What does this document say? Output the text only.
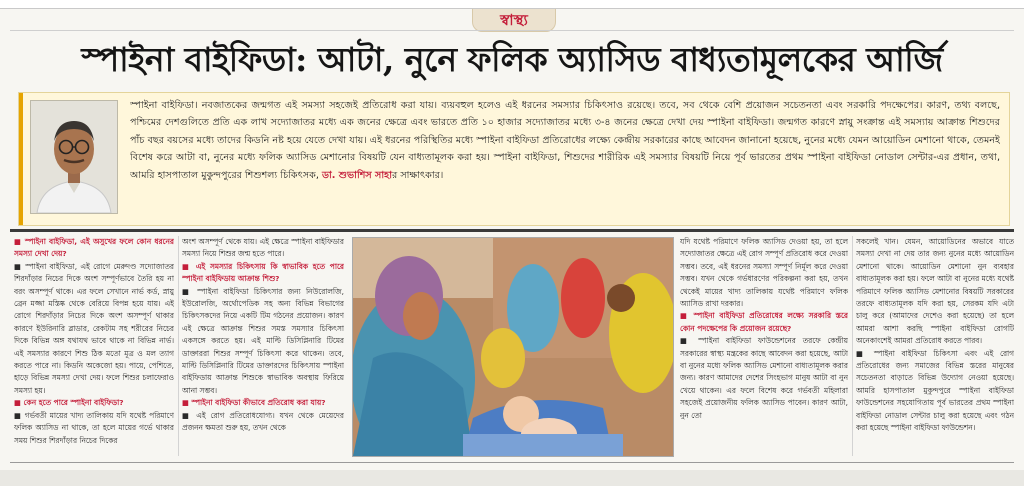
স্বাস্থ্য
স্পাইনা বাইফিডা: আটা, নুনে ফলিক অ্যাসিড বাধ্যতামূলকের আর্জি
স্পাইনা বাইফিডা। নবজাতকের জন্মগত এই সমস্যা সহজেই প্রতিরোধ করা যায়। ব্যয়বহুল হলেও এই ধরনের সমস্যার চিকিৎসাও রয়েছে। তবে, সব থেকে বেশি প্রয়োজন সচেতনতা এবং সরকারি পদক্ষেপের। কারণ, তথ্য বলছে, পশ্চিমের দেশগুলিতে প্রতি এক লাখ সদ্যোজাতর মধ্যে এক জনের ক্ষেত্রে এবং ভারতে প্রতি ১০ হাজার সদ্যোজাতর মধ্যে ৩-৪ জনের ক্ষেত্রে দেখা দেয় স্পাইনা বাইফিডা। জন্মগত কারণে স্নায়ু সংক্রান্ত এই সমস্যায় আক্রান্ত শিশুদের পাঁচ বছর বয়সের মধ্যে তাদের কিডনি নষ্ট হয়ে যেতে দেখা যায়। এই ধরনের পরিস্থিতির মধ্যে স্পাইনা বাইফিডা প্রতিরোধের লক্ষ্যে কেন্দ্রীয় সরকারের কাছে আবেদন জানানো হয়েছে, নুনের মধ্যে যেমন আয়োডিন মেশানো থাকে, তেমনই বিশেষ করে আটা বা, নুনের মধ্যে ফলিক অ্যাসিড মেশানোর বিষয়টি যেন বাধ্যতামূলক করা হয়। স্পাইনা বাইফিডা, শিশুদের শারীরিক এই সমস্যার বিষয়টি নিয়ে পূর্ব ভারতের প্রথম স্পাইনা বাইফিডা নোডাল সেন্টার-এর প্রধান, তথা, আমরি হাসপাতাল মুকুন্দপুরের শিশুশল্য চিকিৎসক, ডা. শুভাশিস সাহার সাক্ষাৎকার।

■ স্পাইনা বাইফিডা, এই অসুখের ফলে কোন ধরনের সমস্যা দেখা দেয়?

■ স্পাইনা বাইফিডা, এই রোগে মেরুদণ্ড সদ্যোজাতর শিরদাঁড়ার নিচের দিকে অংশ সম্পূর্ণভাবে তৈরি হয় না বরং অসম্পূর্ণ থাকে। এর ফলে সেখানে নার্ভ কর্ড, স্নায়ু ব্রেন মজ্জা মস্তিষ্ক থেকে বেরিয়ে বিপন্ন হয়ে যায়। এই রোগে শিরদাঁড়ার নিচের দিকে অংশ অসম্পূর্ণ থাকার কারণে ইউরিনারি ব্লাডার, রেকটাম সহ শরীরের নিচের দিকে বিভিন্ন অঙ্গ যথাযথ ভাবে থাকে না বিভিন্ন নার্ভ। এই সমস্যার কারণে শিশু ঠিক মতো মূত্র ও মল ত্যাগ করতে পারে না। কিডনি অকেজো হয়। পায়ে, পেশিতে, হাড়ে বিভিন্ন সমস্যা দেখা দেয়। ফলে শিশুর চলাফেরাও সমস্যা হয়।

■ কেন হতে পারে স্পাইনা বাইফিডা?

■ গর্ভবতী মায়ের খাদ্য তালিকায় যদি যথেষ্ট পরিমাণে ফলিক অ্যাসিড না থাকে, তা হলে মায়ের গর্ভে থাকার সময় শিশুর শিরদাঁড়ার নিচের দিকের

অংশ অসম্পূর্ণ থেকে যায়। এই ক্ষেত্রে স্পাইনা বাইফিডার সমস্যা নিয়ে শিশুর জন্ম হতে পারে।

■ এই সমস্যার চিকিৎসায় কি স্বাভাবিক হতে পারে স্পাইনা বাইফিডায় আক্রান্ত শিশু?

■ স্পাইনা বাইফিডা চিকিৎসার জন্য নিউরোলজি, ইউরোলজি, অর্থোপেডিক সহ অন্য বিভিন্ন বিভাগের চিকিৎসকদের নিয়ে একটি টিম গঠনের প্রয়োজন। কারণ এই ক্ষেত্রে আক্রান্ত শিশুর সমস্ত সমস্যার চিকিৎসা একসঙ্গে করতে হয়। এই মাল্টি ডিসিপ্লিনারি টিমের ডাক্তাররা শিশুর সম্পূর্ণ চিকিৎসা করে থাকেন। তবে, মাল্টি ডিসিপ্লিনারি টিমের ডাক্তারদের চিকিৎসায় স্পাইনা বাইফিডায় আক্রান্ত শিশুকে স্বাভাবিক অবস্থায় ফিরিয়ে আনা সম্ভব।

■ স্পাইনা বাইফিডা কীভাবে প্রতিরোধ করা যায়?

■ এই রোগ প্রতিরোধযোগ্য। যখন থেকে মেয়েদের প্রজনন ক্ষমতা শুরু হয়, তখন থেকে

যদি যথেষ্ট পরিমাণে ফলিক অ্যাসিড দেওয়া হয়, তা হলে সদ্যোজাতর ক্ষেত্রে এই রোগ সম্পূর্ণ প্রতিরোধ করে দেওয়া সম্ভব। তবে, এই ধরনের সমস্যা সম্পূর্ণ নির্মূল করে দেওয়া সম্ভব। যখন থেকে গর্ভধারণের পরিকল্পনা করা হয়, তখন থেকেই মায়ের খাদ্য তালিকায় যথেষ্ট পরিমাণে ফলিক অ্যাসিড রাখা দরকার।

■ স্পাইনা বাইফিডা প্রতিরোধের লক্ষ্যে সরকারি স্তরে কোন পদক্ষেপের কি প্রয়োজন রয়েছে?

■ স্পাইনা বাইফিডা ফাউন্ডেশনের তরফে কেন্দ্রীয় সরকারের স্বাস্থ্য মন্ত্রকের কাছে আবেদন করা হয়েছে, আটা বা নুনের মধ্যে ফলিক অ্যাসিড মেশানো বাধ্যতামূলক করার জন্য। কারণ আমাদের দেশের সিংহভাগ মানুষ আটা বা নুন খেয়ে থাকেন। এর ফলে বিশেষ করে গর্ভবতী মহিলারা সহজেই প্রয়োজনীয় ফলিক অ্যাসিড পাবেন। কারণ আটা, নুন তো

সকলেই খান। যেমন, আয়োডিনের অভাবে যাতে সমস্যা দেখা না দেয় তার জন্য নুনের মধ্যে আয়োডিন মেশানো থাকে। আয়োডিন মেশানো নুন ব্যবহার বাধ্যতামূলক করা হয়। ফলে আটা বা নুনের মধ্যে যথেষ্ট পরিমাণে ফলিক অ্যাসিড মেশানোর বিষয়টি সরকারের তরফে বাধ্যতামূলক যদি করা হয়, সেরকম যদি এটা চালু করে (আমাদের দেশেও করা হয়েছে) তা হলে আমরা আশা করছি স্পাইনা বাইফিডা রোগটি অনেকাংশেই আমরা প্রতিরোধ করতে পারব।

■ স্পাইনা বাইফিডা চিকিৎসা এবং এই রোগ প্রতিরোধের জন্য সমাজের বিভিন্ন স্তরের মানুষের সচেতনতা বাড়াতে বিভিন্ন উদ্যোগ নেওয়া হয়েছে। আমরি হাসপাতাল মুকুন্দপুরে স্পাইনা বাইফিডা ফাউন্ডেশনের সহযোগিতায় পূর্ব ভারতের প্রথম স্পাইনা বাইফিডা নোডাল সেন্টার চালু করা হয়েছে এবং গঠন করা হয়েছে স্পাইনা বাইফিডা ফাউন্ডেশন।
